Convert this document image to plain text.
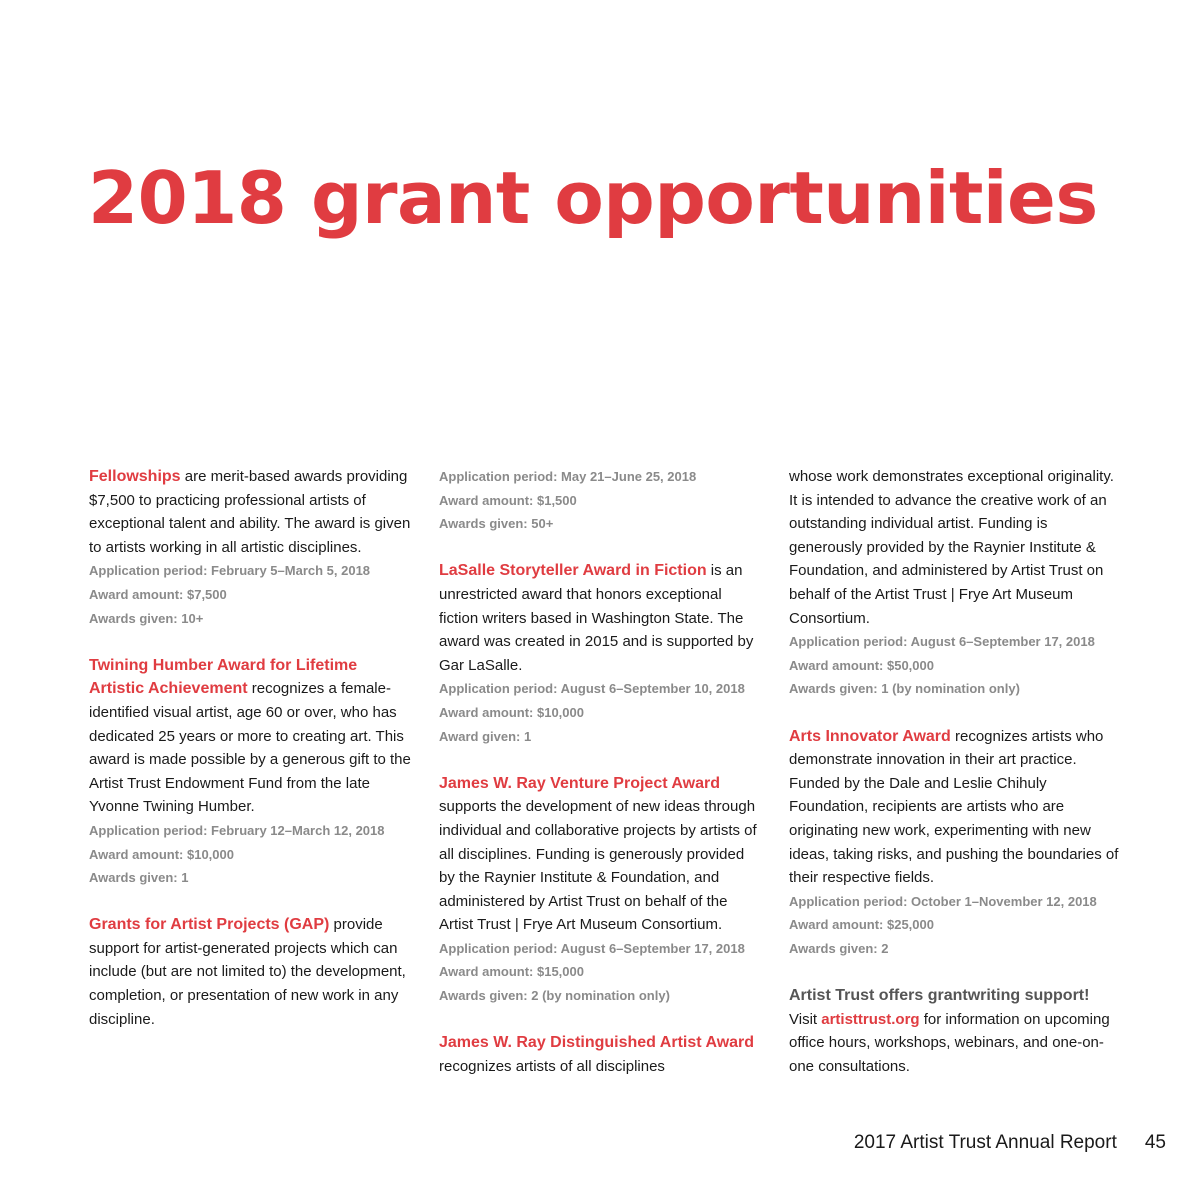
2018 grant opportunities

Fellowships are merit-based awards providing $7,500 to practicing professional artists of exceptional talent and ability. The award is given to artists working in all artistic disciplines.

Application period: February 5–March 5, 2018

Award amount: $7,500

Awards given: 10+

Twining Humber Award for Lifetime Artistic Achievement recognizes a female-identified visual artist, age 60 or over, who has dedicated 25 years or more to creating art. This award is made possible by a generous gift to the Artist Trust Endowment Fund from the late Yvonne Twining Humber.

Application period: February 12–March 12, 2018

Award amount: $10,000

Awards given: 1

Grants for Artist Projects (GAP) provide support for artist-generated projects which can include (but are not limited to) the development, completion, or presentation of new work in any discipline.

Application period: May 21–June 25, 2018

Award amount: $1,500

Awards given: 50+

LaSalle Storyteller Award in Fiction is an unrestricted award that honors exceptional fiction writers based in Washington State. The award was created in 2015 and is supported by Gar LaSalle.

Application period: August 6–September 10, 2018

Award amount: $10,000

Award given: 1

James W. Ray Venture Project Award supports the development of new ideas through individual and collaborative projects by artists of all disciplines. Funding is generously provided by the Raynier Institute & Foundation, and administered by Artist Trust on behalf of the Artist Trust | Frye Art Museum Consortium.

Application period: August 6–September 17, 2018

Award amount: $15,000

Awards given: 2 (by nomination only)

James W. Ray Distinguished Artist Award recognizes artists of all disciplines

whose work demonstrates exceptional originality. It is intended to advance the creative work of an outstanding individual artist. Funding is generously provided by the Raynier Institute & Foundation, and administered by Artist Trust on behalf of the Artist Trust | Frye Art Museum Consortium.

Application period: August 6–September 17, 2018

Award amount: $50,000

Awards given: 1 (by nomination only)

Arts Innovator Award recognizes artists who demonstrate innovation in their art practice. Funded by the Dale and Leslie Chihuly Foundation, recipients are artists who are originating new work, experimenting with new ideas, taking risks, and pushing the boundaries of their respective fields.

Application period: October 1–November 12, 2018

Award amount: $25,000

Awards given: 2

Artist Trust offers grantwriting support! Visit artisttrust.org for information on upcoming office hours, workshops, webinars, and one-on-one consultations.

2017 Artist Trust Annual Report 45
